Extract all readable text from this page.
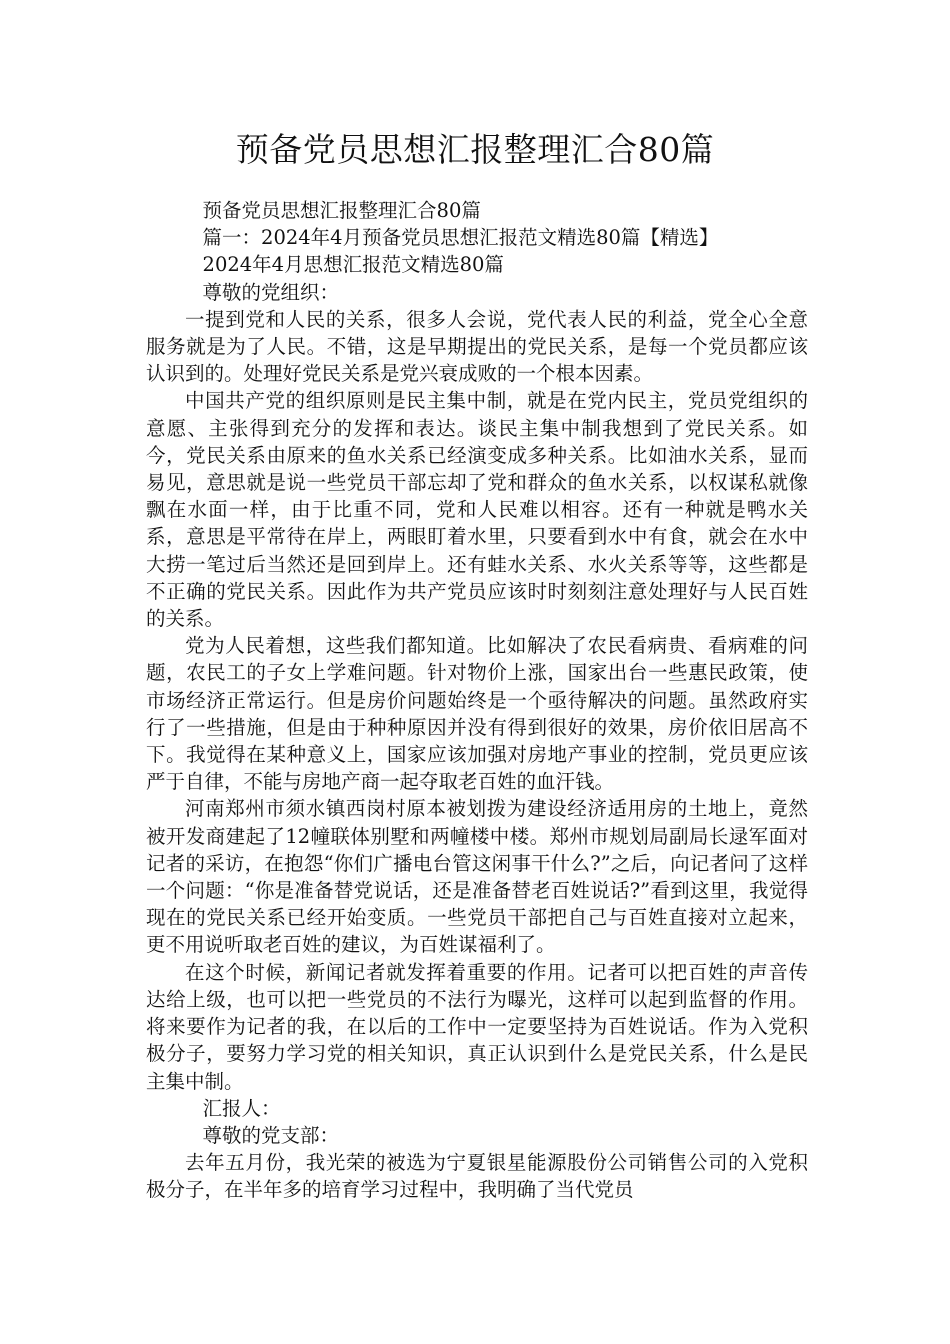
预备党员思想汇报整理汇合80篇

预备党员思想汇报整理汇合80篇

篇一：2024年4月预备党员思想汇报范文精选80篇【精选】

2024年4月思想汇报范文精选80篇

尊敬的党组织：

一提到党和人民的关系，很多人会说，党代表人民的利益，党全心全意服务就是为了人民。不错，这是早期提出的党民关系，是每一个党员都应该认识到的。处理好党民关系是党兴衰成败的一个根本因素。

中国共产党的组织原则是民主集中制，就是在党内民主，党员党组织的意愿、主张得到充分的发挥和表达。谈民主集中制我想到了党民关系。如今，党民关系由原来的鱼水关系已经演变成多种关系。比如油水关系，显而易见，意思就是说一些党员干部忘却了党和群众的鱼水关系，以权谋私就像飘在水面一样，由于比重不同，党和人民难以相容。还有一种就是鸭水关系，意思是平常待在岸上，两眼盯着水里，只要看到水中有食，就会在水中大捞一笔过后当然还是回到岸上。还有蛙水关系、水火关系等等，这些都是不正确的党民关系。因此作为共产党员应该时时刻刻注意处理好与人民百姓的关系。

党为人民着想，这些我们都知道。比如解决了农民看病贵、看病难的问题，农民工的子女上学难问题。针对物价上涨，国家出台一些惠民政策，使市场经济正常运行。但是房价问题始终是一个亟待解决的问题。虽然政府实行了一些措施，但是由于种种原因并没有得到很好的效果，房价依旧居高不下。我觉得在某种意义上，国家应该加强对房地产事业的控制，党员更应该严于自律，不能与房地产商一起夺取老百姓的血汗钱。

河南郑州市须水镇西岗村原本被划拨为建设经济适用房的土地上，竟然被开发商建起了12幢联体别墅和两幢楼中楼。郑州市规划局副局长逯军面对记者的采访，在抱怨“你们广播电台管这闲事干什么?”之后，向记者问了这样一个问题：“你是准备替党说话，还是准备替老百姓说话?”看到这里，我觉得现在的党民关系已经开始变质。一些党员干部把自己与百姓直接对立起来，更不用说听取老百姓的建议，为百姓谋福利了。

在这个时候，新闻记者就发挥着重要的作用。记者可以把百姓的声音传达给上级，也可以把一些党员的不法行为曝光，这样可以起到监督的作用。将来要作为记者的我，在以后的工作中一定要坚持为百姓说话。作为入党积极分子，要努力学习党的相关知识，真正认识到什么是党民关系，什么是民主集中制。

汇报人：

尊敬的党支部：

去年五月份，我光荣的被选为宁夏银星能源股份公司销售公司的入党积极分子，在半年多的培育学习过程中，我明确了当代党员
